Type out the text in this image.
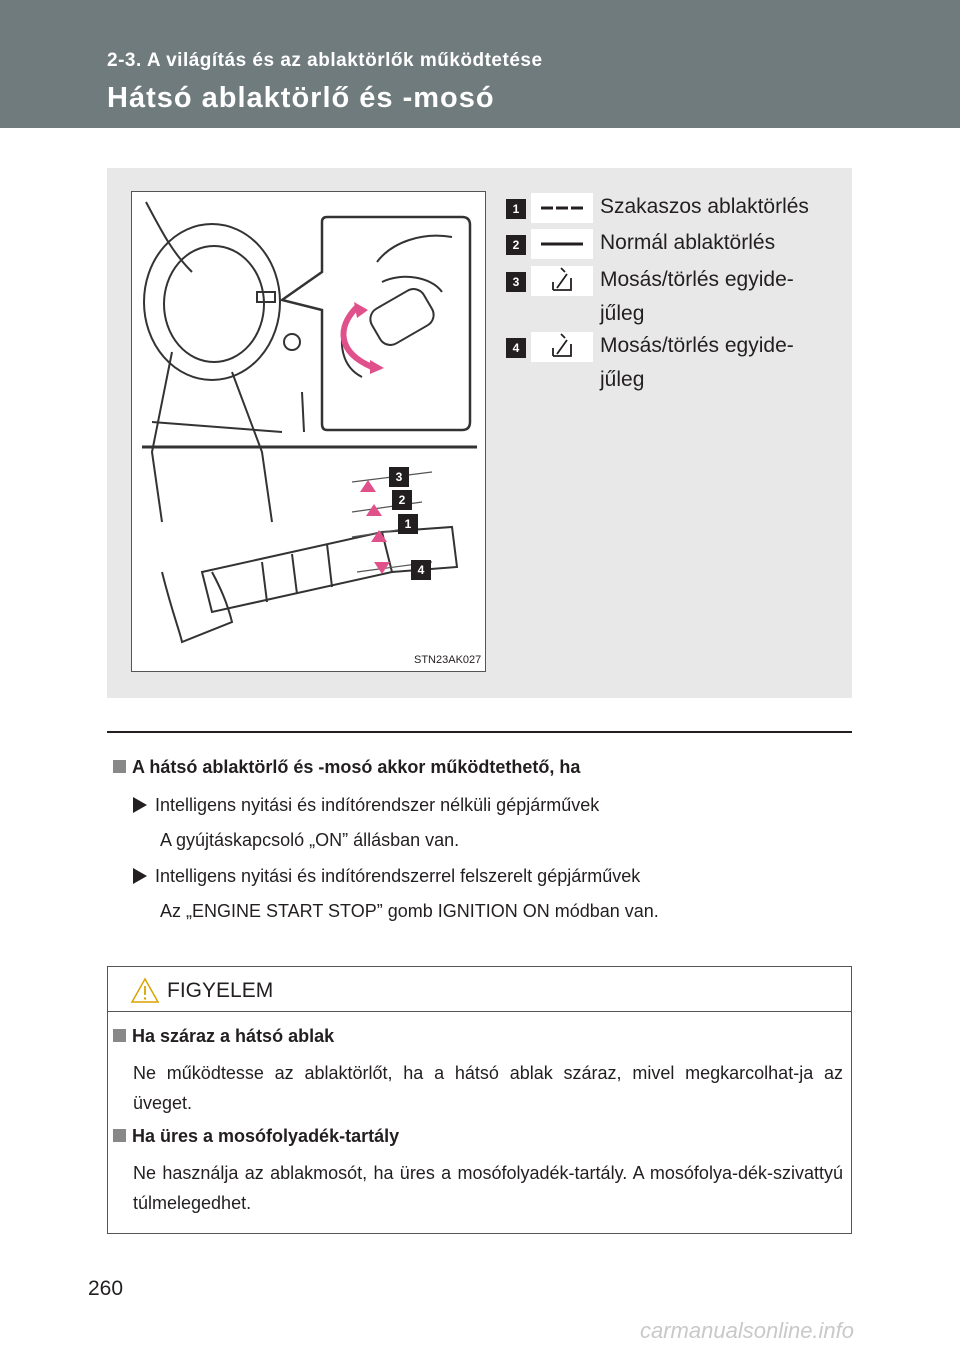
2-3. A világítás és az ablaktörlők működtetése
Hátsó ablaktörlő és -mosó
3
2
1
4
STN23AK027
1	Szakaszos ablaktörlés
2	Normál ablaktörlés
3	Mosás/törlés egyide-
jűleg
4	Mosás/törlés egyide-
jűleg
A hátsó ablaktörlő és -mosó akkor működtethető, ha
Intelligens nyitási és indítórendszer nélküli gépjárművek
A gyújtáskapcsoló „ON” állásban van.
Intelligens nyitási és indítórendszerrel felszerelt gépjárművek
Az „ENGINE START STOP” gomb IGNITION ON módban van.
FIGYELEM
Ha száraz a hátsó ablak
Ne működtesse az ablaktörlőt, ha a hátsó ablak száraz, mivel megkarcolhat-ja az üveget.
Ha üres a mosófolyadék-tartály
Ne használja az ablakmosót, ha üres a mosófolyadék-tartály. A mosófolya-dék-szivattyú túlmelegedhet.
260
carmanualsonline.info
